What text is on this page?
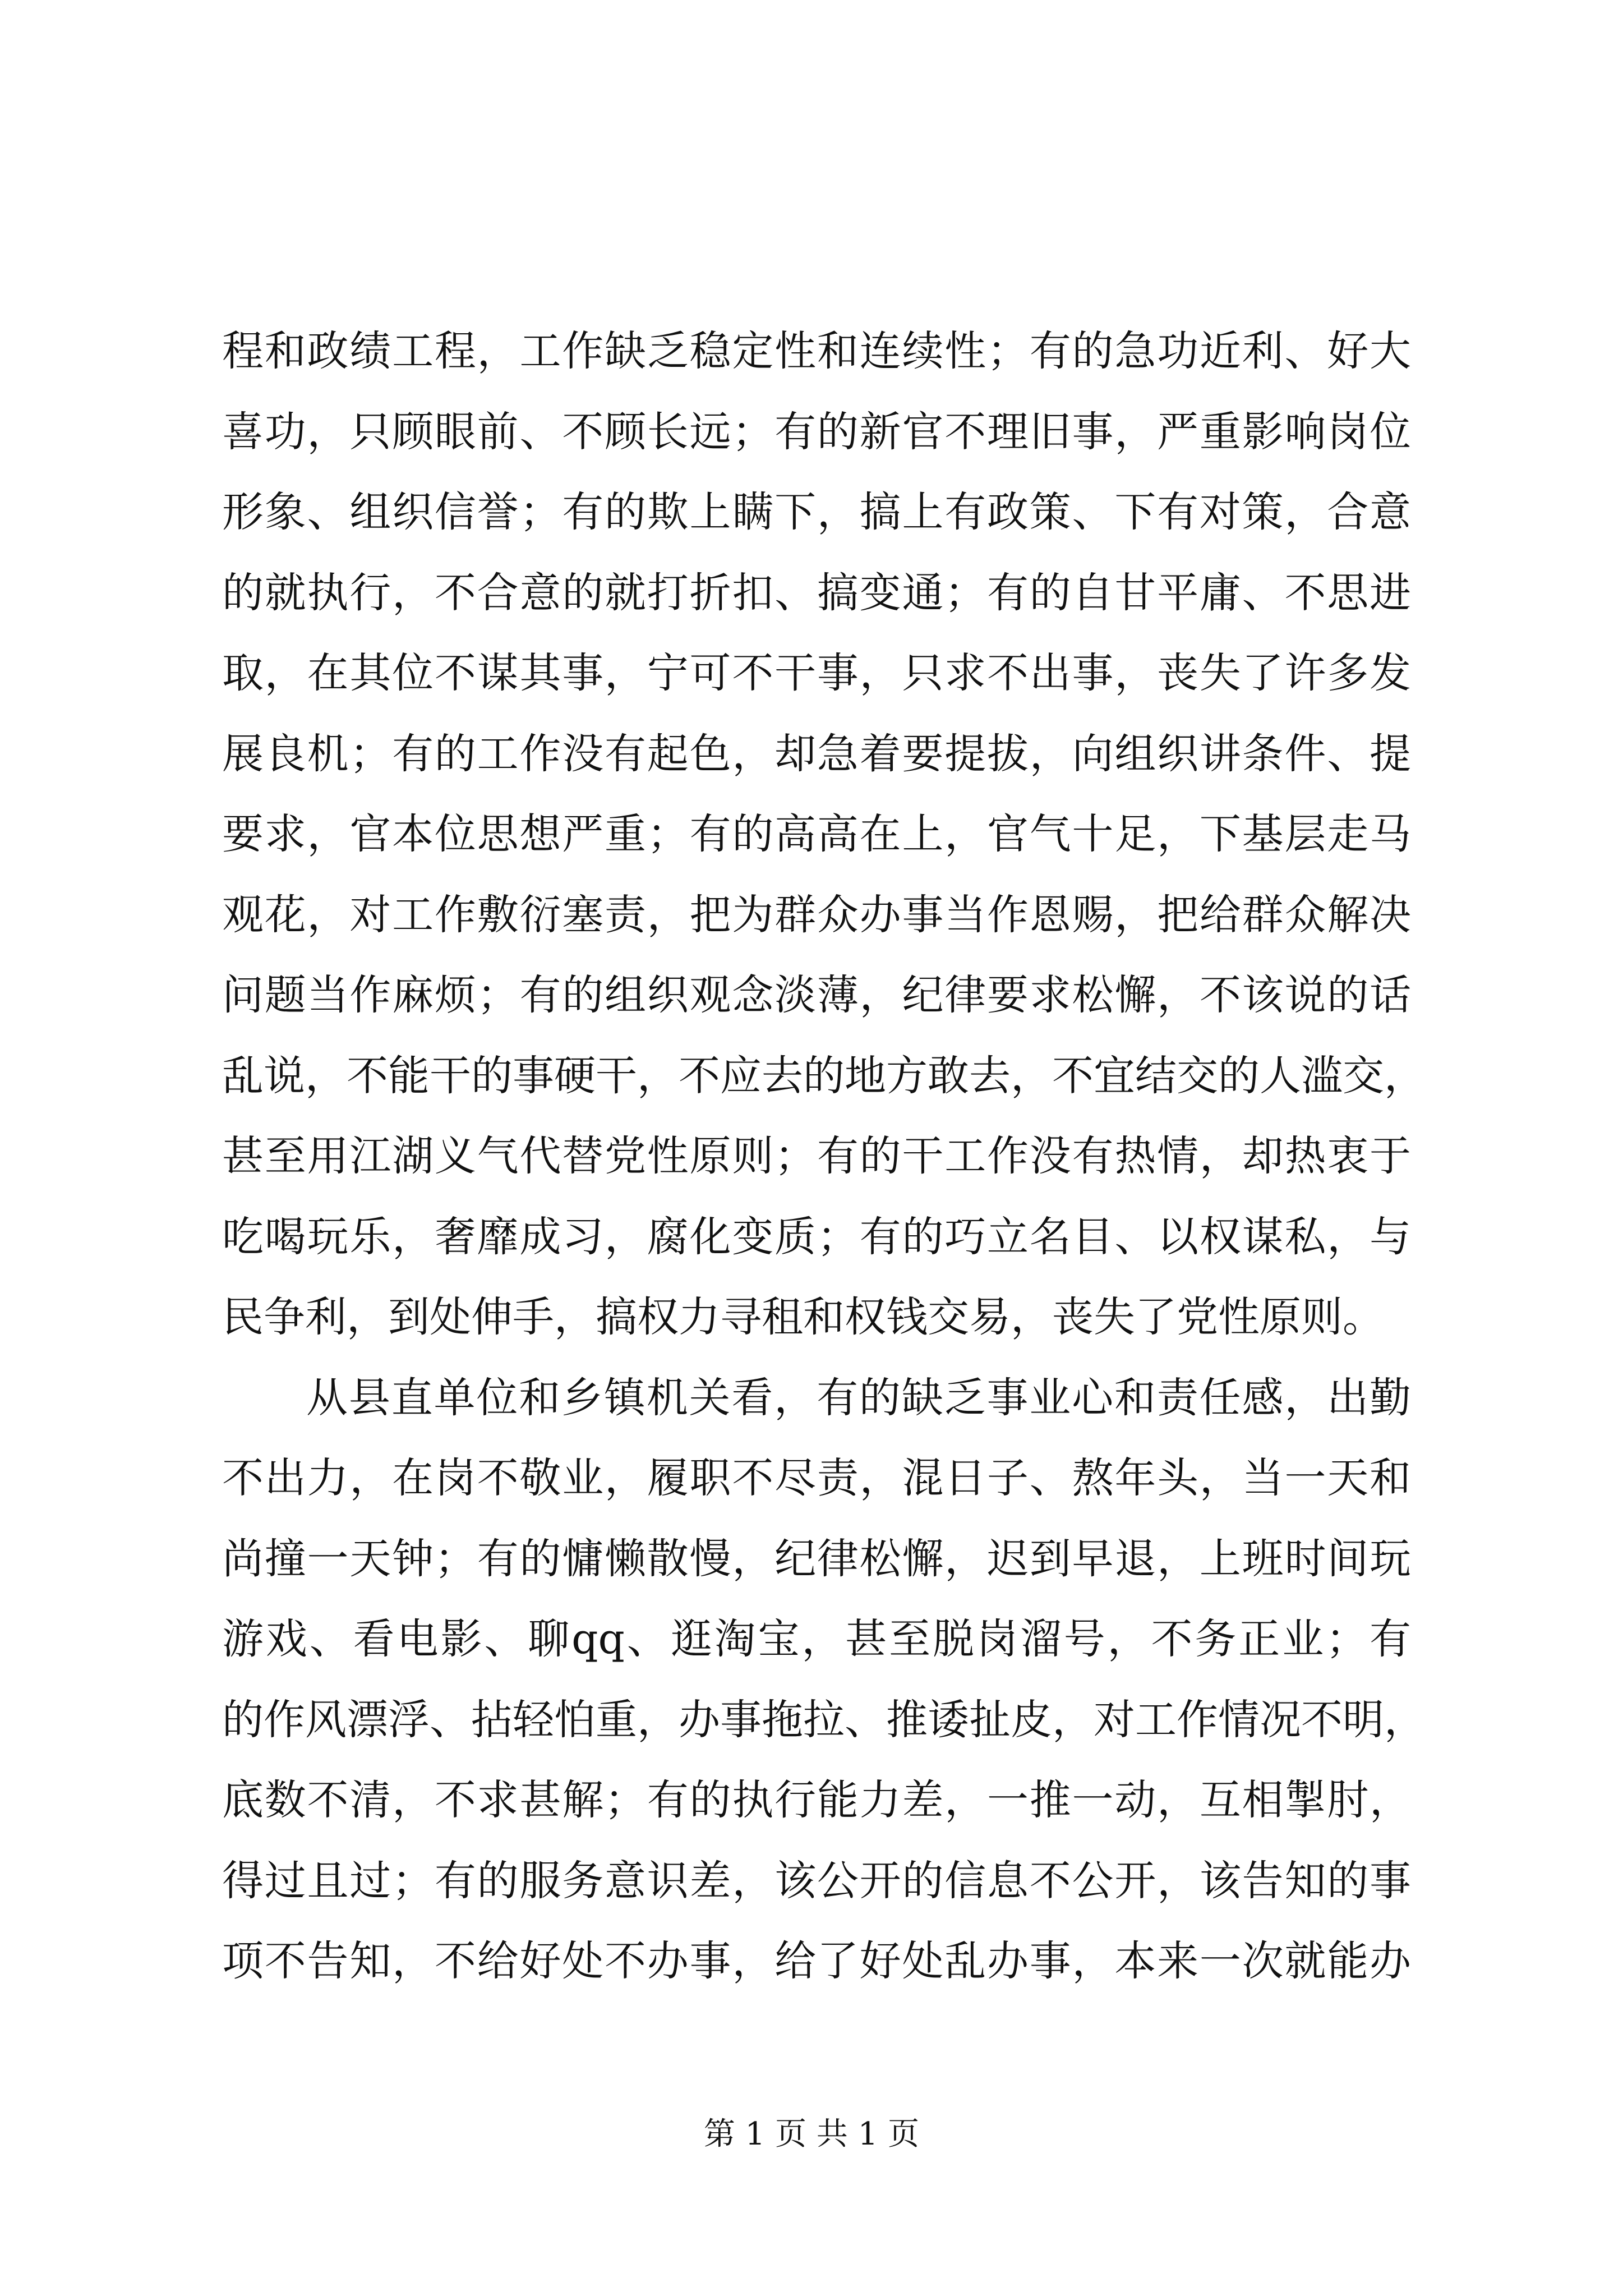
程和政绩工程，工作缺乏稳定性和连续性；有的急功近利、好大
喜功，只顾眼前、不顾长远；有的新官不理旧事，严重影响岗位
形象、组织信誉；有的欺上瞒下，搞上有政策、下有对策，合意
的就执行，不合意的就打折扣、搞变通；有的自甘平庸、不思进
取，在其位不谋其事，宁可不干事，只求不出事，丧失了许多发
展良机；有的工作没有起色，却急着要提拔，向组织讲条件、提
要求，官本位思想严重；有的高高在上，官气十足，下基层走马
观花，对工作敷衍塞责，把为群众办事当作恩赐，把给群众解决
问题当作麻烦；有的组织观念淡薄，纪律要求松懈，不该说的话
乱说，不能干的事硬干，不应去的地方敢去，不宜结交的人滥交，
甚至用江湖义气代替党性原则；有的干工作没有热情，却热衷于
吃喝玩乐，奢靡成习，腐化变质；有的巧立名目、以权谋私，与
民争利，到处伸手，搞权力寻租和权钱交易，丧失了党性原则。
从县直单位和乡镇机关看，有的缺乏事业心和责任感，出勤
不出力，在岗不敬业，履职不尽责，混日子、熬年头，当一天和
尚撞一天钟；有的慵懒散慢，纪律松懈，迟到早退，上班时间玩
游戏、看电影、聊qq、逛淘宝，甚至脱岗溜号，不务正业；有
的作风漂浮、拈轻怕重，办事拖拉、推诿扯皮，对工作情况不明，
底数不清，不求甚解；有的执行能力差，一推一动，互相掣肘，
得过且过；有的服务意识差，该公开的信息不公开，该告知的事
项不告知，不给好处不办事，给了好处乱办事，本来一次就能办
第 1 页 共 1 页
